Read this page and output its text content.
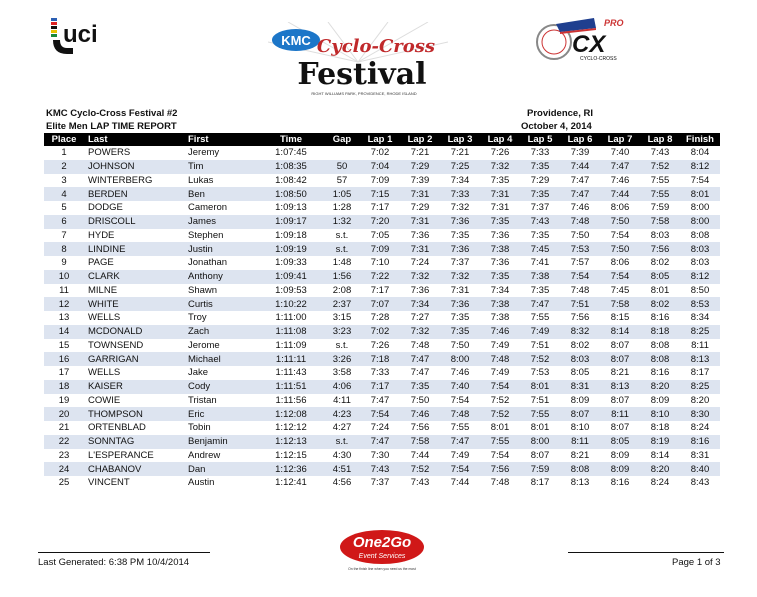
uci	KMC Cyclo-Cross
Festival
RIGHT WILLIAMS PARK, PROVIDENCE, RHODE ISLAND
PRO
CX
CYCLO-CROSS
KMC Cyclo-Cross Festival #2
Elite Men LAP TIME REPORT
Providence, RI
October 4, 2014
Place	Last	First	Time	Gap	Lap 1	Lap 2	Lap 3	Lap 4	Lap 5	Lap 6	Lap 7	Lap 8	Finish
1	POWERS	Jeremy	1:07:45		7:02	7:21	7:21	7:26	7:33	7:39	7:40	7:43	8:04
2	JOHNSON	Tim	1:08:35	50	7:04	7:29	7:25	7:32	7:35	7:44	7:47	7:52	8:12
3	WINTERBERG	Lukas	1:08:42	57	7:09	7:39	7:34	7:35	7:29	7:47	7:46	7:55	7:54
4	BERDEN	Ben	1:08:50	1:05	7:15	7:31	7:33	7:31	7:35	7:47	7:44	7:55	8:01
5	DODGE	Cameron	1:09:13	1:28	7:17	7:29	7:32	7:31	7:37	7:46	8:06	7:59	8:00
6	DRISCOLL	James	1:09:17	1:32	7:20	7:31	7:36	7:35	7:43	7:48	7:50	7:58	8:00
7	HYDE	Stephen	1:09:18	s.t.	7:05	7:36	7:35	7:36	7:35	7:50	7:54	8:03	8:08
8	LINDINE	Justin	1:09:19	s.t.	7:09	7:31	7:36	7:38	7:45	7:53	7:50	7:56	8:03
9	PAGE	Jonathan	1:09:33	1:48	7:10	7:24	7:37	7:36	7:41	7:57	8:06	8:02	8:03
10	CLARK	Anthony	1:09:41	1:56	7:22	7:32	7:32	7:35	7:38	7:54	7:54	8:05	8:12
11	MILNE	Shawn	1:09:53	2:08	7:17	7:36	7:31	7:34	7:35	7:48	7:45	8:01	8:50
12	WHITE	Curtis	1:10:22	2:37	7:07	7:34	7:36	7:38	7:47	7:51	7:58	8:02	8:53
13	WELLS	Troy	1:11:00	3:15	7:28	7:27	7:35	7:38	7:55	7:56	8:15	8:16	8:34
14	MCDONALD	Zach	1:11:08	3:23	7:02	7:32	7:35	7:46	7:49	8:32	8:14	8:18	8:25
15	TOWNSEND	Jerome	1:11:09	s.t.	7:26	7:48	7:50	7:49	7:51	8:02	8:07	8:08	8:11
16	GARRIGAN	Michael	1:11:11	3:26	7:18	7:47	8:00	7:48	7:52	8:03	8:07	8:08	8:13
17	WELLS	Jake	1:11:43	3:58	7:33	7:47	7:46	7:49	7:53	8:05	8:21	8:16	8:17
18	KAISER	Cody	1:11:51	4:06	7:17	7:35	7:40	7:54	8:01	8:31	8:13	8:20	8:25
19	COWIE	Tristan	1:11:56	4:11	7:47	7:50	7:54	7:52	7:51	8:09	8:07	8:09	8:20
20	THOMPSON	Eric	1:12:08	4:23	7:54	7:46	7:48	7:52	7:55	8:07	8:11	8:10	8:30
21	ORTENBLAD	Tobin	1:12:12	4:27	7:24	7:56	7:55	8:01	8:01	8:10	8:07	8:18	8:24
22	SONNTAG	Benjamin	1:12:13	s.t.	7:47	7:58	7:47	7:55	8:00	8:11	8:05	8:19	8:16
23	L'ESPERANCE	Andrew	1:12:15	4:30	7:30	7:44	7:49	7:54	8:07	8:21	8:09	8:14	8:31
24	CHABANOV	Dan	1:12:36	4:51	7:43	7:52	7:54	7:56	7:59	8:08	8:09	8:20	8:40
25	VINCENT	Austin	1:12:41	4:56	7:37	7:43	7:44	7:48	8:17	8:13	8:16	8:24	8:43
Last Generated: 6:38 PM 10/4/2014	Page 1 of 3
One2Go
Event Services
On the finish line when you need us the most
